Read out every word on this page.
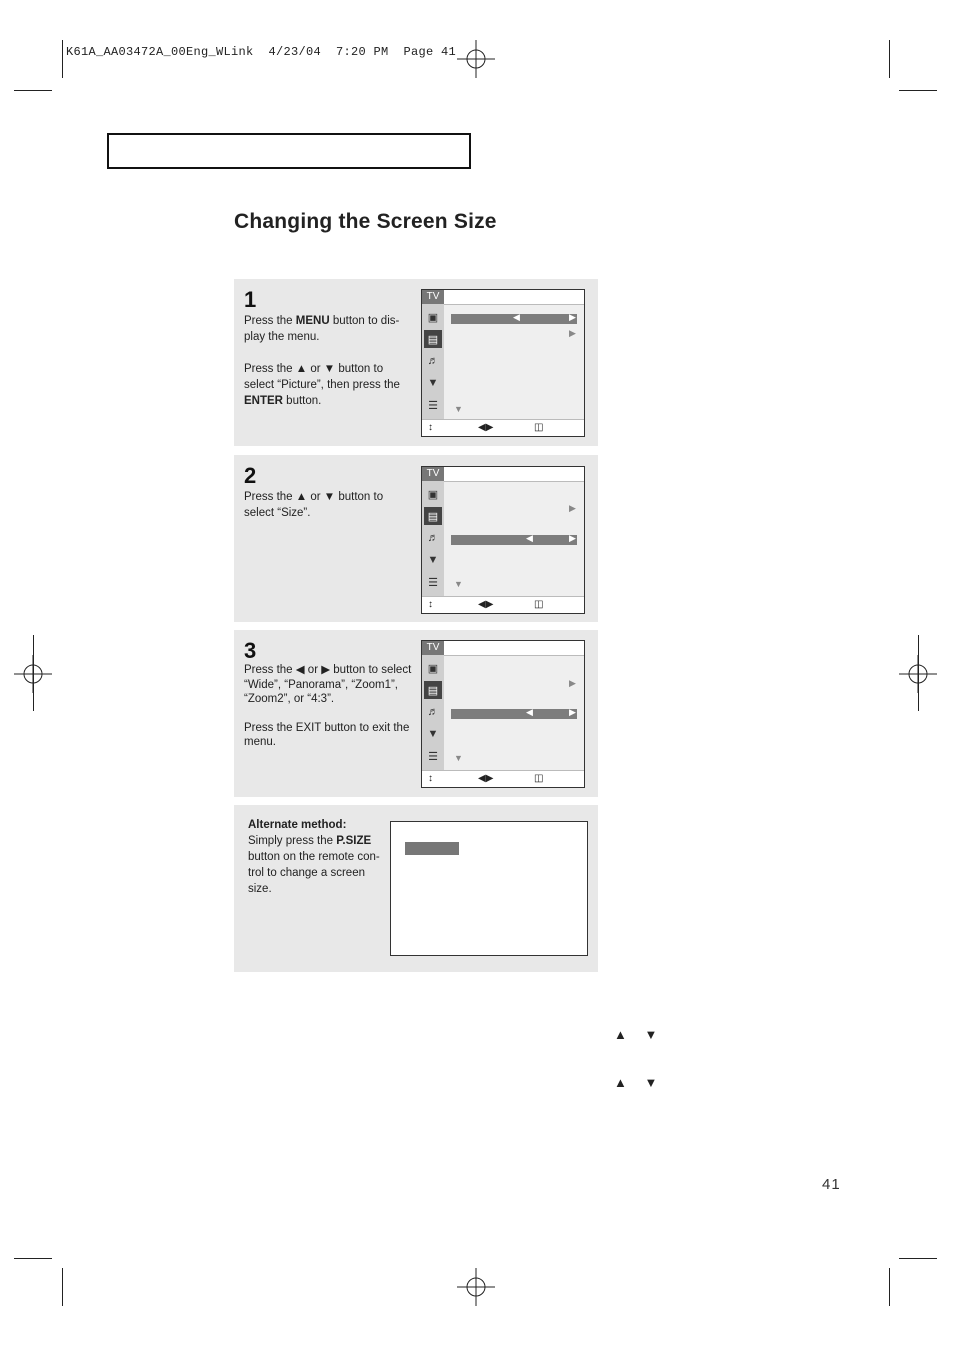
K61A_AA03472A_00Eng_WLink  4/23/04  7:20 PM  Page 41
Changing the Screen Size
1

Press the MENU button to dis-play the menu.

Press the ▲ or ▼ button to select “Picture”, then press the ENTER button.

TV
▣
▤
♬
▼
☰
◀	▶
▶
▼
↕	◀▶	◫
2

Press the ▲ or ▼ button to select “Size”.

TV
▣
▤
♬
▼
☰
▶
◀	▶
▼
↕	◀▶	◫
3

Press the ◀ or ▶ button to select “Wide”, “Panorama”, “Zoom1”, “Zoom2”, or “4:3”.

Press the EXIT button to exit the menu.

TV
▣
▤
♬
▼
☰
▶
◀	▶
▼
↕	◀▶	◫
Alternate method:
Simply press the P.SIZE button on the remote con-trol to change a screen size.
▲ ▼
▲ ▼
41
